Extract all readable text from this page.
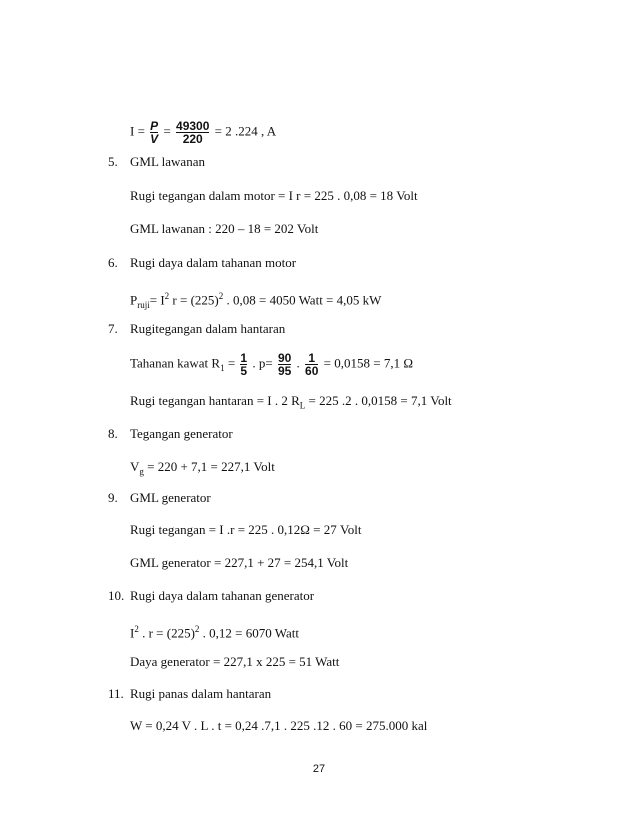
$I = \frac{P}{V} = \frac{49300}{220} = 2$ .224 , A
5. GML lawanan
Rugi tegangan dalam motor = I r = 225 . 0,08 = 18 Volt
GML lawanan : 220 – 18 = 202 Volt
6. Rugi daya dalam tahanan motor
$P_{ruji}= I^2$ $r = (225)^2$ . 0,08 = 4050 Watt = 4,05 kW
7. Rugitegangan dalam hantaran
Tahanan kawat $R_1 = \frac{1}{5}$ . $p= \frac{90}{95}$ . $\frac{1}{60} = 0,0158 = 7,1$ Ω
Rugi tegangan hantaran = I . 2 $R_L = 225$ .2 . 0,0158 = 7,1 Volt
8. Tegangan generator
$V_g = 220 + 7,1 = 227,1$ Volt
9. GML generator
Rugi tegangan = I .r = 225 . 0,12Ω = 27 Volt
GML generator = 227,1 + 27 = 254,1 Volt
10. Rugi daya dalam tahanan generator
$I^2$ . $r = (225)^2$ . 0,12 = 6070 Watt
Daya generator = 227,1 x 225 = 51 Watt
11. Rugi panas dalam hantaran
W = 0,24 V . L . t = 0,24 .7,1 . 225 .12 . 60 = 275.000 kal
27
